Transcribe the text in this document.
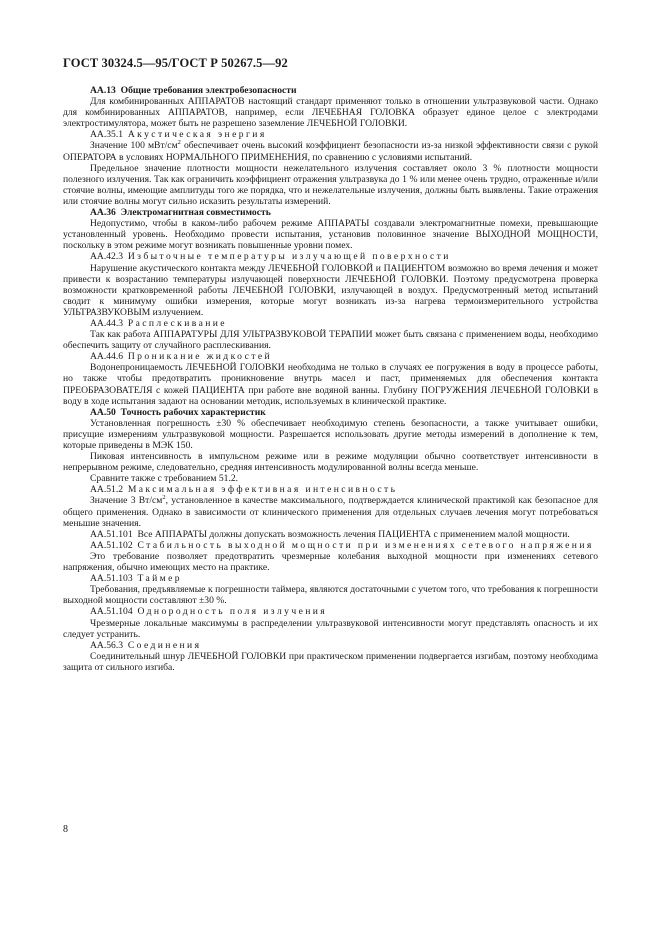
ГОСТ 30324.5—95/ГОСТ Р 50267.5—92

АА.13 Общие требования электробезопасности

Для комбинированных АППАРАТОВ настоящий стандарт применяют только в отношении ультразвуковой части. Однако для комбинированных АППАРАТОВ, например, если ЛЕЧЕБНАЯ ГОЛОВКА образует единое целое с электродами электростимулятора, может быть не разрешено заземление ЛЕЧЕБНОЙ ГОЛОВКИ.

АА.35.1 Акустическая энергия

Значение 100 мВт/$см^2$ обеспечивает очень высокий коэффициент безопасности из-за низкой эффективности связи с рукой ОПЕРАТОРА в условиях НОРМАЛЬНОГО ПРИМЕНЕНИЯ, по сравнению с условиями испытаний.

Предельное значение плотности мощности нежелательного излучения составляет около 3 % плотности мощности полезного излучения. Так как ограничить коэффициент отражения ультразвука до 1 % или менее очень трудно, отраженные и/или стоячие волны, имеющие амплитуды того же порядка, что и нежелательные излучения, должны быть выявлены. Такие отражения или стоячие волны могут сильно исказить результаты измерений.

АА.36 Электромагнитная совместимость

Недопустимо, чтобы в каком-либо рабочем режиме АППАРАТЫ создавали электромагнитные помехи, превышающие установленный уровень. Необходимо провести испытания, установив половинное значение ВЫХОДНОЙ МОЩНОСТИ, поскольку в этом режиме могут возникать повышенные уровни помех.

АА.42.3 Избыточные температуры излучающей поверхности

Нарушение акустического контакта между ЛЕЧЕБНОЙ ГОЛОВКОЙ и ПАЦИЕНТОМ возможно во время лечения и может привести к возрастанию температуры излучающей поверхности ЛЕЧЕБНОЙ ГОЛОВКИ. Поэтому предусмотрена проверка возможности кратковременной работы ЛЕЧЕБНОЙ ГОЛОВКИ, излучающей в воздух. Предусмотренный метод испытаний сводит к минимуму ошибки измерения, которые могут возникать из-за нагрева термоизмерительного устройства УЛЬТРАЗВУКОВЫМ излучением.

АА.44.3 Расплескивание

Так как работа АППАРАТУРЫ ДЛЯ УЛЬТРАЗВУКОВОЙ ТЕРАПИИ может быть связана с применением воды, необходимо обеспечить защиту от случайного расплескивания.

АА.44.6 Проникание жидкостей

Водонепроницаемость ЛЕЧЕБНОЙ ГОЛОВКИ необходима не только в случаях ее погружения в воду в процессе работы, но также чтобы предотвратить проникновение внутрь масел и паст, применяемых для обеспечения контакта ПРЕОБРАЗОВАТЕЛЯ с кожей ПАЦИЕНТА при работе вне водяной ванны. Глубину ПОГРУЖЕНИЯ ЛЕЧЕБНОЙ ГОЛОВКИ в воду в ходе испытания задают на основании методик, используемых в клинической практике.

АА.50 Точность рабочих характеристик

Установленная погрешность ±30 % обеспечивает необходимую степень безопасности, а также учитывает ошибки, присущие измерениям ультразвуковой мощности. Разрешается использовать другие методы измерений в дополнение к тем, которые приведены в МЭК 150.

Пиковая интенсивность в импульсном режиме или в режиме модуляции обычно соответствует интенсивности в непрерывном режиме, следовательно, средняя интенсивность модулированной волны всегда меньше.

Сравните также с требованием 51.2.

АА.51.2 Максимальная эффективная интенсивность

Значение 3 $Вт/см^2$, установленное в качестве максимального, подтверждается клинической практикой как безопасное для общего применения. Однако в зависимости от клинического применения для отдельных случаев лечения могут потребоваться меньшие значения.

АА.51.101 Все АППАРАТЫ должны допускать возможность лечения ПАЦИЕНТА с применением малой мощности.

АА.51.102 Стабильность выходной мощности при изменениях сетевого напряжения

Это требование позволяет предотвратить чрезмерные колебания выходной мощности при изменениях сетевого напряжения, обычно имеющих место на практике.

АА.51.103 Таймер

Требования, предъявляемые к погрешности таймера, являются достаточными с учетом того, что требования к погрешности выходной мощности составляют ±30 %.

АА.51.104 Однородность поля излучения

Чрезмерные локальные максимумы в распределении ультразвуковой интенсивности могут представлять опасность и их следует устранить.

АА.56.3 Соединения

Соединительный шнур ЛЕЧЕБНОЙ ГОЛОВКИ при практическом применении подвергается изгибам, поэтому необходима защита от сильного изгиба.

8
